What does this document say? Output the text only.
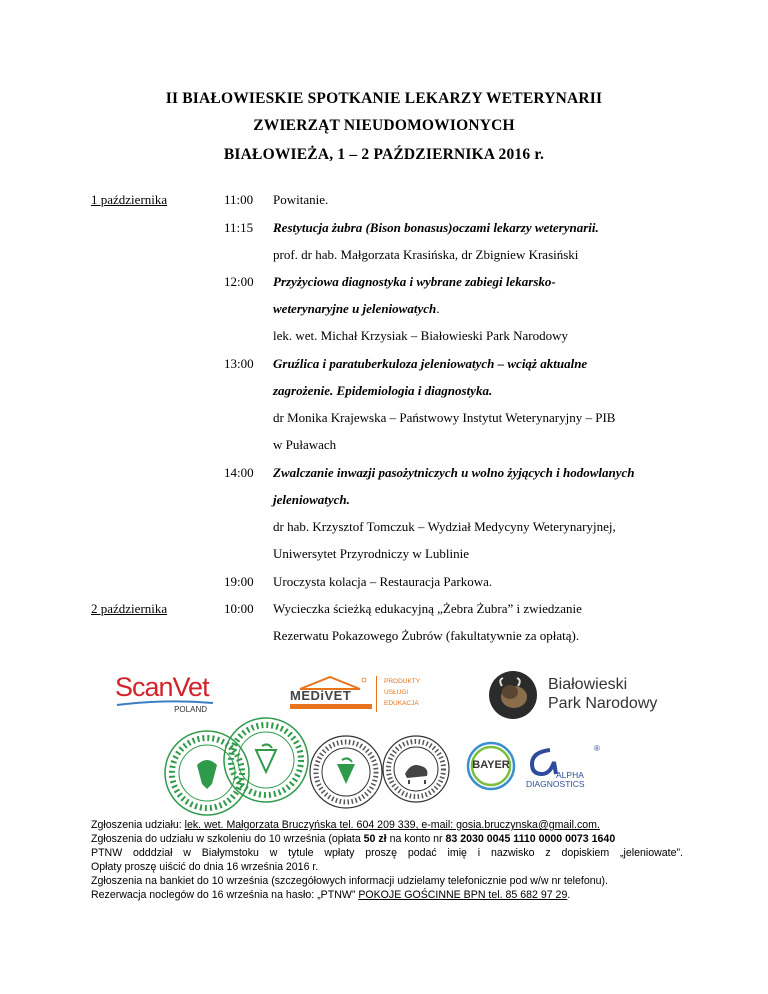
II BIAŁOWIESKIE SPOTKANIE LEKARZY WETERYNARII
ZWIERZĄT NIEUDOMOWIONYCH
BIAŁOWIEŻA, 1 – 2 PAŹDZIERNIKA 2016 r.
1 października	11:00 Powitanie.
11:15 Restytucja żubra (Bison bonasus)oczami lekarzy weterynarii.
prof. dr hab. Małgorzata Krasińska, dr Zbigniew Krasiński
12:00 Przyżyciowa diagnostyka i wybrane zabiegi lekarsko-
weterynaryjne u jeleniowatych.
lek. wet. Michał Krzysiak – Białowieski Park Narodowy
13:00 Gruźlica i paratuberkuloza jeleniowatych – wciąż aktualne
zagrożenie. Epidemiologia i diagnostyka.
dr Monika Krajewska – Państwowy Instytut Weterynaryjny – PIB
w Puławach
14:00 Zwalczanie inwazji pasożytniczych u wolno żyjących i hodowlanych
jeleniowatych.
dr hab. Krzysztof Tomczuk – Wydział Medycyny Weterynaryjnej,
Uniwersytet Przyrodniczy w Lublinie
19:00 Uroczysta kolacja – Restauracja Parkowa.
2 października	10:00 Wycieczka ścieżką edukacyjną „Żebra Żubra” i zwiedzanie
Rezerwatu Pokazowego Żubrów (fakultatywnie za opłatą).
ScanVet
POLAND
MEDiVET
PRODUKTY
USŁUGI
EDUKACJA
Białowieski
Park Narodowy
BAYER
®
ALPHA
DIAGNOSTICS

Zgłoszenia udziału: lek. wet. Małgorzata Bruczyńska tel. 604 209 339, e-mail: gosia.bruczynska@gmail.com.

Zgłoszenia do udziału w szkoleniu do 10 września (opłata 50 zł na konto nr 83 2030 0045 1110 0000 0073 1640

PTNW odddział w Białymstoku w tytule wpłaty proszę podać imię i nazwisko z dopiskiem „jeleniowate”.

Opłaty proszę uiścić do dnia 16 września 2016 r.

Zgłoszenia na bankiet do 10 września (szczegółowych informacji udzielamy telefonicznie pod w/w nr telefonu).

Rezerwacja noclegów do 16 września na hasło: „PTNW” POKOJE GOŚCINNE BPN tel. 85 682 97 29.
